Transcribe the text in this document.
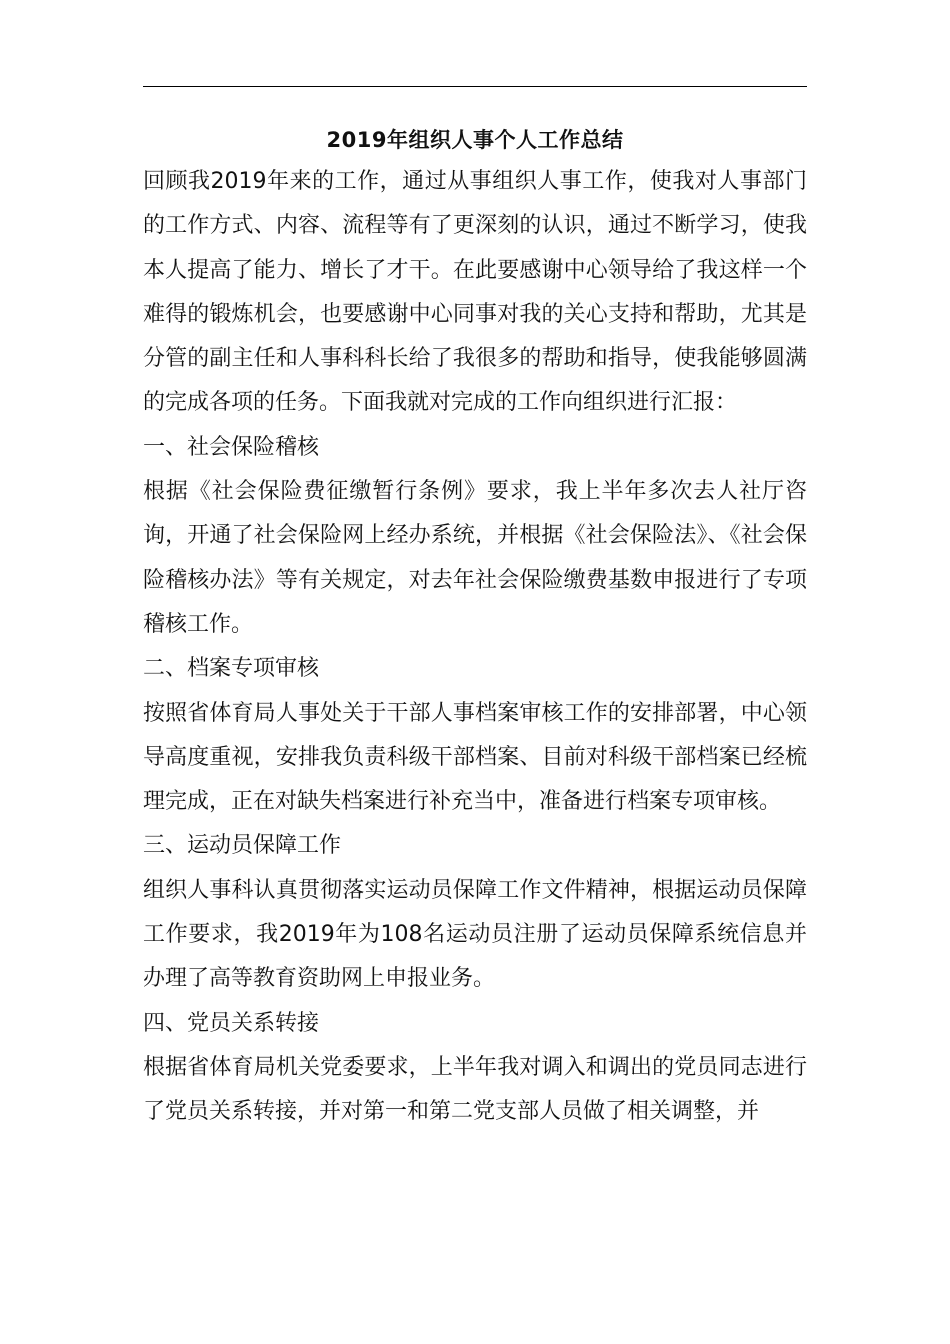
2019年组织人事个人工作总结

回顾我2019年来的工作，通过从事组织人事工作，使我对人事部门的工作方式、内容、流程等有了更深刻的认识，通过不断学习，使我本人提高了能力、增长了才干。在此要感谢中心领导给了我这样一个难得的锻炼机会，也要感谢中心同事对我的关心支持和帮助，尤其是分管的副主任和人事科科长给了我很多的帮助和指导，使我能够圆满的完成各项的任务。下面我就对完成的工作向组织进行汇报：

一、社会保险稽核

根据《社会保险费征缴暂行条例》要求，我上半年多次去人社厅咨询，开通了社会保险网上经办系统，并根据《社会保险法》、《社会保险稽核办法》等有关规定，对去年社会保险缴费基数申报进行了专项稽核工作。

二、档案专项审核

按照省体育局人事处关于干部人事档案审核工作的安排部署，中心领导高度重视，安排我负责科级干部档案、目前对科级干部档案已经梳理完成，正在对缺失档案进行补充当中，准备进行档案专项审核。

三、运动员保障工作

组织人事科认真贯彻落实运动员保障工作文件精神，根据运动员保障工作要求，我2019年为108名运动员注册了运动员保障系统信息并办理了高等教育资助网上申报业务。

四、党员关系转接

根据省体育局机关党委要求，上半年我对调入和调出的党员同志进行了党员关系转接，并对第一和第二党支部人员做了相关调整，并
